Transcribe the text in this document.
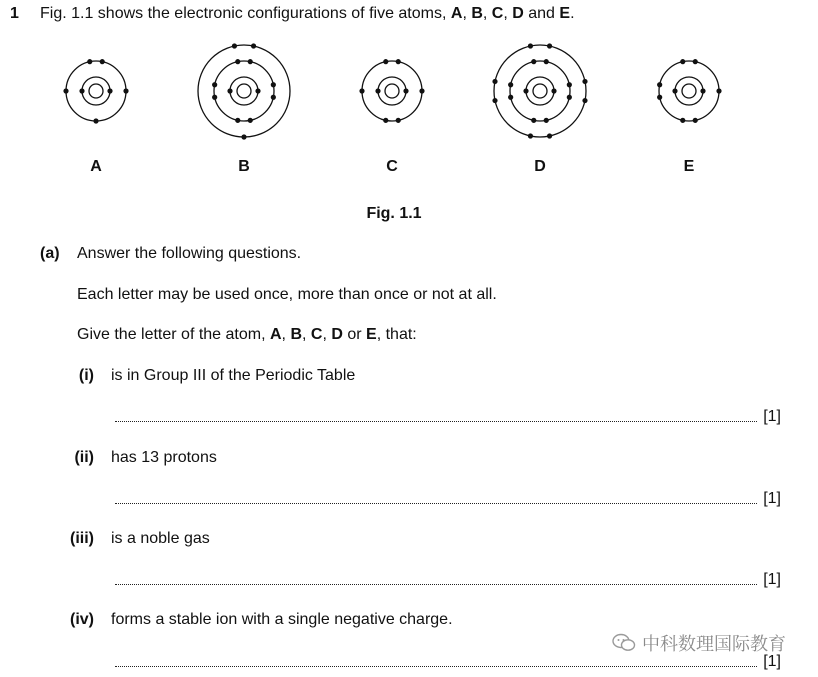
1 Fig. 1.1 shows the electronic configurations of five atoms, A, B, C, D and E.
A	B	C	D	E
Fig. 1.1
(a) Answer the following questions.
Each letter may be used once, more than once or not at all.
Give the letter of the atom, A, B, C, D or E, that:
(i) is in Group III of the Periodic Table
[1]
(ii) has 13 protons
[1]
(iii) is a noble gas
[1]
(iv) forms a stable ion with a single negative charge.
[1]
中科数理国际教育
